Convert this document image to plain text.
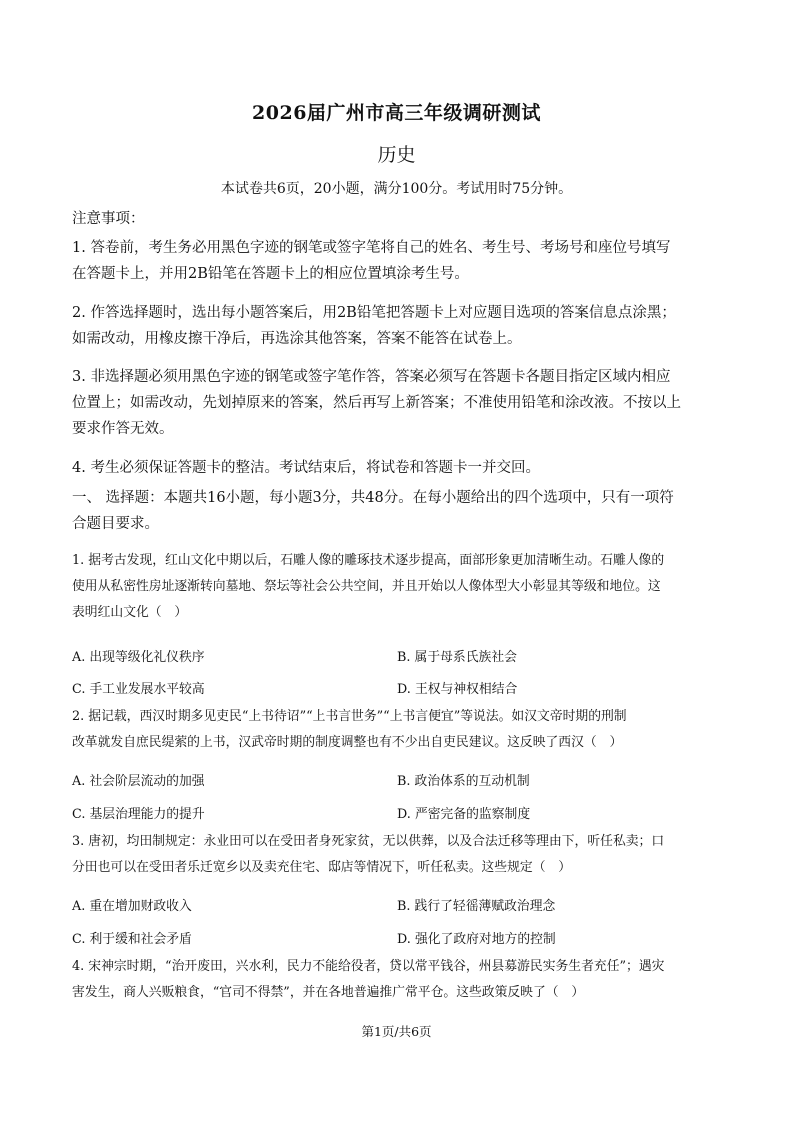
2026届广州市高三年级调研测试
历史
本试卷共6页，20小题，满分100分。考试用时75分钟。
注意事项：
1. 答卷前，考生务必用黑色字迹的钢笔或签字笔将自己的姓名、考生号、考场号和座位号填写
在答题卡上，并用2B铅笔在答题卡上的相应位置填涂考生号。
2. 作答选择题时，选出每小题答案后，用2B铅笔把答题卡上对应题目选项的答案信息点涂黑；
如需改动，用橡皮擦干净后，再选涂其他答案，答案不能答在试卷上。
3. 非选择题必须用黑色字迹的钢笔或签字笔作答，答案必须写在答题卡各题目指定区域内相应
位置上；如需改动，先划掉原来的答案，然后再写上新答案；不准使用铅笔和涂改液。不按以上
要求作答无效。
4. 考生必须保证答题卡的整洁。考试结束后，将试卷和答题卡一并交回。
一、 选择题：本题共16小题，每小题3分，共48分。在每小题给出的四个选项中，只有一项符
合题目要求。
1. 据考古发现，红山文化中期以后，石雕人像的雕琢技术逐步提高，面部形象更加清晰生动。石雕人像的
使用从私密性房址逐渐转向墓地、祭坛等社会公共空间，并且开始以人像体型大小彰显其等级和地位。这
表明红山文化（　）
A. 出现等级化礼仪秩序	B. 属于母系氏族社会
C. 手工业发展水平较高	D. 王权与神权相结合
2. 据记载，西汉时期多见吏民“上书待诏”“上书言世务”“上书言便宜”等说法。如汉文帝时期的刑制
改革就发自庶民缇萦的上书，汉武帝时期的制度调整也有不少出自吏民建议。这反映了西汉（　）
A. 社会阶层流动的加强	B. 政治体系的互动机制
C. 基层治理能力的提升	D. 严密完备的监察制度
3. 唐初，均田制规定：永业田可以在受田者身死家贫，无以供葬，以及合法迁移等理由下，听任私卖；口
分田也可以在受田者乐迁宽乡以及卖充住宅、邸店等情况下，听任私卖。这些规定（　）
A. 重在增加财政收入	B. 践行了轻徭薄赋政治理念
C. 利于缓和社会矛盾	D. 强化了政府对地方的控制
4. 宋神宗时期，“治开废田，兴水利，民力不能给役者，贷以常平钱谷，州县募游民实务生者充任”；遇灾
害发生，商人兴贩粮食，“官司不得禁”，并在各地普遍推广常平仓。这些政策反映了（　）
第1页/共6页
